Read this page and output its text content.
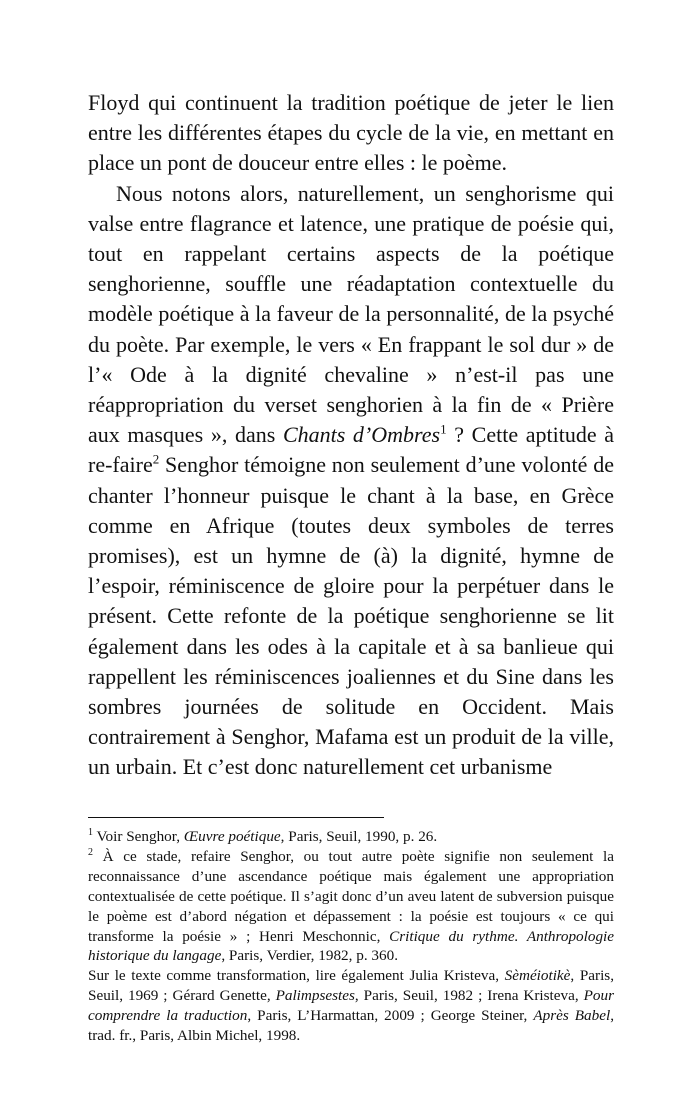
Floyd qui continuent la tradition poétique de jeter le lien entre les différentes étapes du cycle de la vie, en mettant en place un pont de douceur entre elles : le poème.

Nous notons alors, naturellement, un senghorisme qui valse entre flagrance et latence, une pratique de poésie qui, tout en rappelant certains aspects de la poétique senghorienne, souffle une réadaptation contextuelle du modèle poétique à la faveur de la personnalité, de la psyché du poète. Par exemple, le vers « En frappant le sol dur » de l’« Ode à la dignité chevaline » n’est-il pas une réappropriation du verset senghorien à la fin de « Prière aux masques », dans Chants d’Ombres$^1$ ? Cette aptitude à re-faire$^2$ Senghor témoigne non seulement d’une volonté de chanter l’honneur puisque le chant à la base, en Grèce comme en Afrique (toutes deux symboles de terres promises), est un hymne de (à) la dignité, hymne de l’espoir, réminiscence de gloire pour la perpétuer dans le présent. Cette refonte de la poétique senghorienne se lit également dans les odes à la capitale et à sa banlieue qui rappellent les réminiscences joaliennes et du Sine dans les sombres journées de solitude en Occident. Mais contrairement à Senghor, Mafama est un produit de la ville, un urbain. Et c’est donc naturellement cet urbanisme

$^1$ Voir Senghor, Œuvre poétique, Paris, Seuil, 1990, p. 26.

$^2$ À ce stade, refaire Senghor, ou tout autre poète signifie non seulement la reconnaissance d’une ascendance poétique mais également une appropriation contextualisée de cette poétique. Il s’agit donc d’un aveu latent de subversion puisque le poème est d’abord négation et dépassement : la poésie est toujours « ce qui transforme la poésie » ; Henri Meschonnic, Critique du rythme. Anthropologie historique du langage, Paris, Verdier, 1982, p. 360.

Sur le texte comme transformation, lire également Julia Kristeva, Sèméiotikè, Paris, Seuil, 1969 ; Gérard Genette, Palimpsestes, Paris, Seuil, 1982 ; Irena Kristeva, Pour comprendre la traduction, Paris, L’Harmattan, 2009 ; George Steiner, Après Babel, trad. fr., Paris, Albin Michel, 1998.
